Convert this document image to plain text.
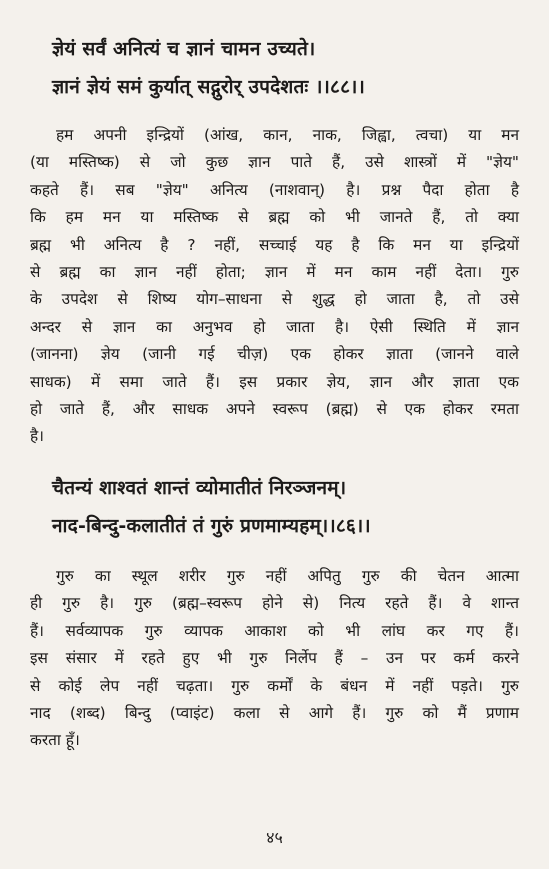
ज्ञेयं सर्वं अनित्यं च ज्ञानं चामन उच्यते।
ज्ञानं ज्ञेयं समं कुर्यात् सद्गुरोर् उपदेशतः ।।८८।।
हम अपनी इन्द्रियों (आंख, कान, नाक, जिह्वा, त्वचा) या मन
(या मस्तिष्क) से जो कुछ ज्ञान पाते हैं, उसे शास्त्रों में "ज्ञेय"
कहते हैं। सब "ज्ञेय" अनित्य (नाशवान्) है। प्रश्न पैदा होता है
कि हम मन या मस्तिष्क से ब्रह्म को भी जानते हैं, तो क्या
ब्रह्म भी अनित्य है ? नहीं, सच्चाई यह है कि मन या इन्द्रियों
से ब्रह्म का ज्ञान नहीं होता; ज्ञान में मन काम नहीं देता। गुरु
के उपदेश से शिष्य योग–साधना से शुद्ध हो जाता है, तो उसे
अन्दर से ज्ञान का अनुभव हो जाता है। ऐसी स्थिति में ज्ञान
(जानना) ज्ञेय (जानी गई चीज़) एक होकर ज्ञाता (जानने वाले
साधक) में समा जाते हैं। इस प्रकार ज्ञेय, ज्ञान और ज्ञाता एक
हो जाते हैं, और साधक अपने स्वरूप (ब्रह्म) से एक होकर रमता
है।
चैतन्यं शाश्वतं शान्तं व्योमातीतं निरञ्जनम्।
नाद-बिन्दु-कलातीतं तं गुरुं प्रणमाम्यहम्।।८६।।
गुरु का स्थूल शरीर गुरु नहीं अपितु गुरु की चेतन आत्मा
ही गुरु है। गुरु (ब्रह्म–स्वरूप होने से) नित्य रहते हैं। वे शान्त
हैं। सर्वव्यापक गुरु व्यापक आकाश को भी लांघ कर गए हैं।
इस संसार में रहते हुए भी गुरु निर्लेप हैं – उन पर कर्म करने
से कोई लेप नहीं चढ़ता। गुरु कर्मों के बंधन में नहीं पड़ते। गुरु
नाद (शब्द) बिन्दु (प्वाइंट) कला से आगे हैं। गुरु को मैं प्रणाम
करता हूँ।
४५
